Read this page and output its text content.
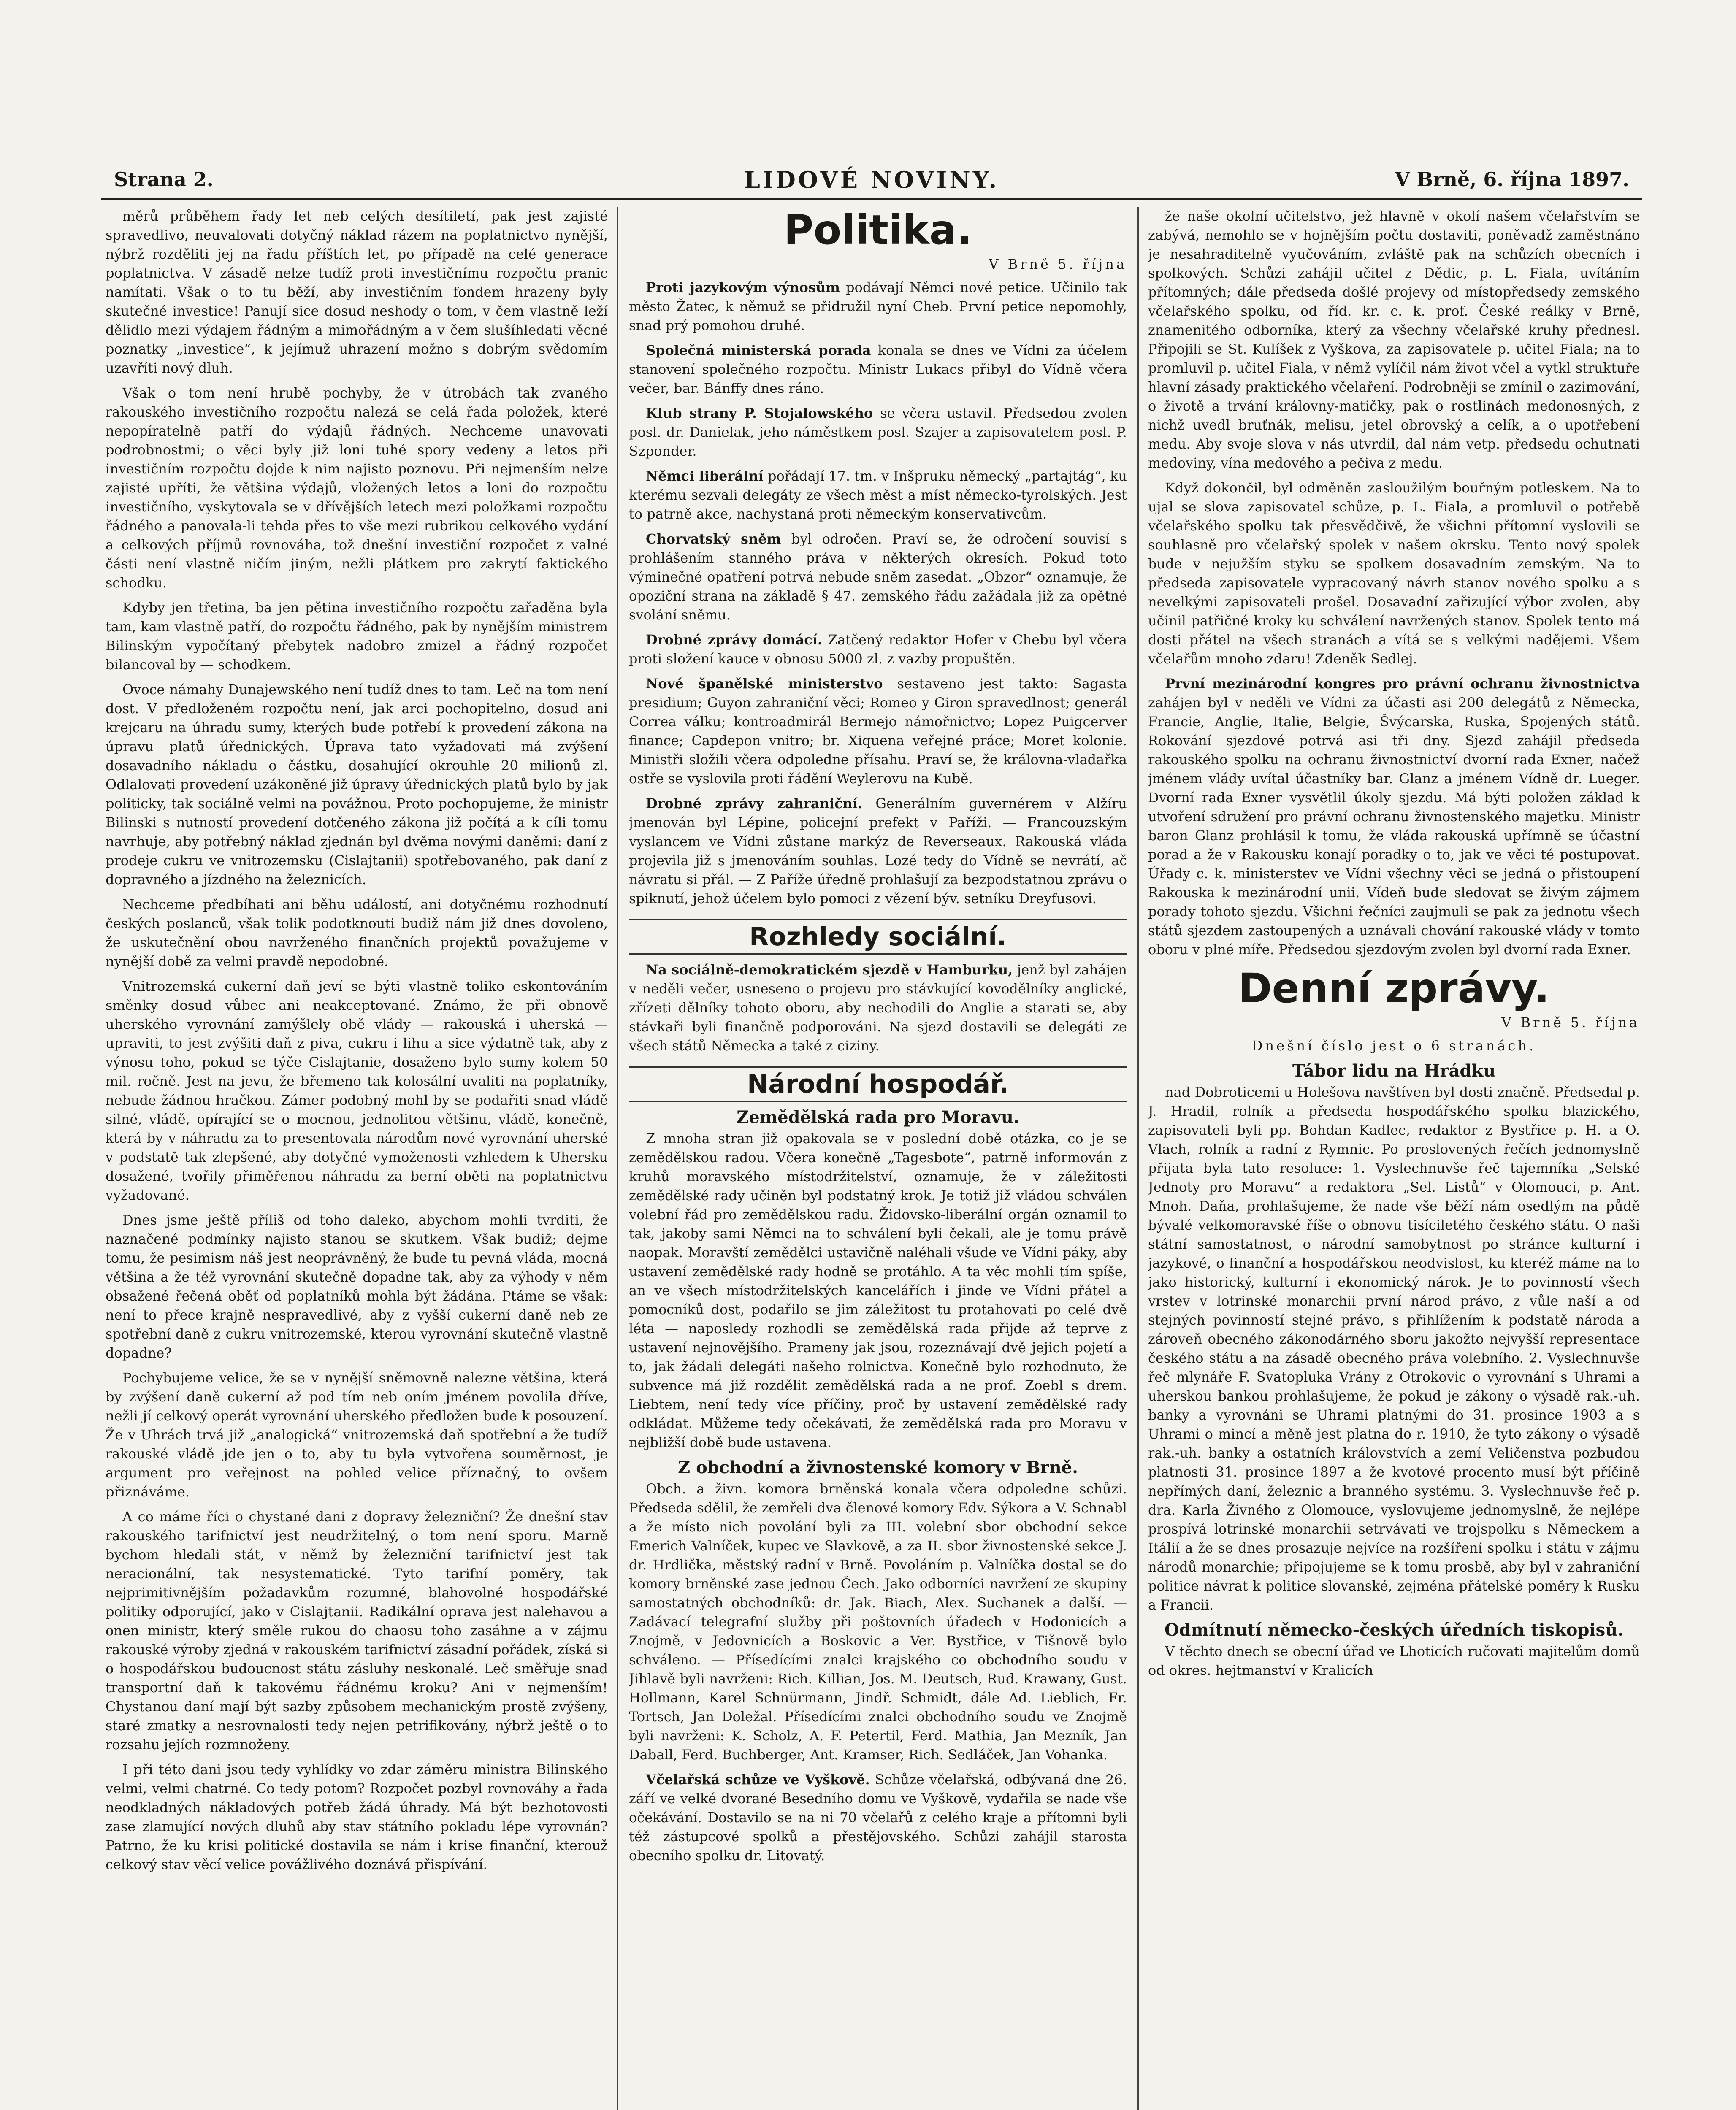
Strana 2.	LIDOVÉ NOVINY.	V Brně, 6. října 1897.

měrů průběhem řady let neb celých desítiletí, pak jest zajisté spravedlivo, neuvalovati dotyčný náklad rázem na poplatnictvo nynější, nýbrž rozděliti jej na řadu příštích let, po případě na celé generace poplatnictva. V zásadě nelze tudíž proti investičnímu rozpočtu pranic namítati. Však o to tu běží, aby investičním fondem hrazeny byly skutečné investice! Panují sice dosud neshody o tom, v čem vlastně leží dělidlo mezi výdajem řádným a mimořádným a v čem slušíhledati věcné poznatky „investice“, k jejímuž uhrazení možno s dobrým svědomím uzavříti nový dluh.

Však o tom není hrubě pochyby, že v útrobách tak zvaného rakouského investičního rozpočtu nalezá se celá řada položek, které nepopíratelně patří do výdajů řádných. Nechceme unavovati podrobnostmi; o věci byly již loni tuhé spory vedeny a letos při investičním rozpočtu dojde k nim najisto poznovu. Při nejmenším nelze zajisté upříti, že většina výdajů, vložených letos a loni do rozpočtu investičního, vyskytovala se v dřívějších letech mezi položkami rozpočtu řádného a panovala-li tehda přes to vše mezi rubrikou celkového vydání a celkových příjmů rovnováha, tož dnešní investiční rozpočet z valné části není vlastně ničím jiným, nežli plátkem pro zakrytí faktického schodku.

Kdyby jen třetina, ba jen pětina investičního rozpočtu zařaděna byla tam, kam vlastně patří, do rozpočtu řádného, pak by nynějším ministrem Bilinským vypočítaný přebytek nadobro zmizel a řádný rozpočet bilancoval by — schodkem.

Ovoce námahy Dunajewského není tudíž dnes to tam. Leč na tom není dost. V předloženém rozpočtu není, jak arci pochopitelno, dosud ani krejcaru na úhradu sumy, kterých bude potřebí k provedení zákona na úpravu platů úřednických. Úprava tato vyžadovati má zvýšení dosavadního nákladu o částku, dosahující okrouhle 20 milionů zl. Odlalovati provedení uzákoněné již úpravy úřednických platů bylo by jak politicky, tak sociálně velmi na povážnou. Proto pochopujeme, že ministr Bilinski s nutností provedení dotčeného zákona již počítá a k cíli tomu navrhuje, aby potřebný náklad zjednán byl dvěma novými daněmi: daní z prodeje cukru ve vnitrozemsku (Cislajtanii) spotřebovaného, pak daní z dopravného a jízdného na železnicích.

Nechceme předbíhati ani běhu událostí, ani dotyčnému rozhodnutí českých poslanců, však tolik podotknouti budiž nám již dnes dovoleno, že uskutečnění obou navrženého finančních projektů považujeme v nynější době za velmi pravdě nepodobné.

Vnitrozemská cukerní daň jeví se býti vlastně toliko eskontováním směnky dosud vůbec ani neakceptované. Známo, že při obnově uherského vyrovnání zamýšlely obě vlády — rakouská i uherská — upraviti, to jest zvýšiti daň z piva, cukru i lihu a sice výdatně tak, aby z výnosu toho, pokud se týče Cislajtanie, dosaženo bylo sumy kolem 50 mil. ročně. Jest na jevu, že břemeno tak kolosální uvaliti na poplatníky, nebude žádnou hračkou. Zámer podobný mohl by se podařiti snad vládě silné, vládě, opírající se o mocnou, jednolitou většinu, vládě, konečně, která by v náhradu za to presentovala národům nové vyrovnání uherské v podstatě tak zlepšené, aby dotyčné vymoženosti vzhledem k Uhersku dosažené, tvořily přiměřenou náhradu za berní oběti na poplatnictvu vyžadované.

Dnes jsme ještě příliš od toho daleko, abychom mohli tvrditi, že naznačené podmínky najisto stanou se skutkem. Však budiž; dejme tomu, že pesimism náš jest neoprávněný, že bude tu pevná vláda, mocná většina a že též vyrovnání skutečně dopadne tak, aby za výhody v něm obsažené řečená oběť od poplatníků mohla být žádána. Ptáme se však: není to přece krajně nespravedlivé, aby z vyšší cukerní daně neb ze spotřební daně z cukru vnitrozemské, kterou vyrovnání skutečně vlastně dopadne?

Pochybujeme velice, že se v nynější sněmovně nalezne většina, která by zvýšení daně cukerní až pod tím neb oním jménem povolila dříve, nežli jí celkový operát vyrovnání uherského předložen bude k posouzení. Že v Uhrách trvá již „analogická“ vnitrozemská daň spotřební a že tudíž rakouské vládě jde jen o to, aby tu byla vytvořena souměrnost, je argument pro veřejnost na pohled velice příznačný, to ovšem přiznáváme.

A co máme říci o chystané dani z dopravy železniční? Že dnešní stav rakouského tarifnictví jest neudržitelný, o tom není sporu. Marně bychom hledali stát, v němž by železniční tarifnictví jest tak neracionální, tak nesystematické. Tyto tarifní poměry, tak nejprimitivnějším požadavkům rozumné, blahovolné hospodářské politiky odporující, jako v Cislajtanii. Radikální oprava jest nalehavou a onen ministr, který směle rukou do chaosu toho zasáhne a v zájmu rakouské výroby zjedná v rakouském tarifnictví zásadní pořádek, získá si o hospodářskou budoucnost státu zásluhy neskonalé. Leč směřuje snad transportní daň k takovému řádnému kroku? Ani v nejmenším! Chystanou daní mají být sazby způsobem mechanickým prostě zvýšeny, staré zmatky a nesrovnalosti tedy nejen petrifikovány, nýbrž ještě o to rozsahu jejích rozmnoženy.

I při této dani jsou tedy vyhlídky vo zdar záměru ministra Bilinského velmi, velmi chatrné. Co tedy potom? Rozpočet pozbyl rovnováhy a řada neodkladných nákladových potřeb žádá úhrady. Má být bezhotovosti zase zlamující nových dluhů aby stav státního pokladu lépe vyrovnán? Patrno, že ku krisi politické dostavila se nám i krise finanční, kterouž celkový stav věcí velice povážlivého doznává přispívání.

Politika.
V Brně 5. října

Proti jazykovým výnosům podávají Němci nové petice. Učinilo tak město Žatec, k němuž se přidružil nyní Cheb. První petice nepomohly, snad prý pomohou druhé.

Společná ministerská porada konala se dnes ve Vídni za účelem stanovení společného rozpočtu. Ministr Lukacs přibyl do Vídně včera večer, bar. Bánffy dnes ráno.

Klub strany P. Stojalowského se včera ustavil. Předsedou zvolen posl. dr. Danielak, jeho náměstkem posl. Szajer a zapisovatelem posl. P. Szponder.

Němci liberální pořádají 17. tm. v Inšpruku německý „partajtág“, ku kterému sezvali delegáty ze všech měst a míst německo-tyrolských. Jest to patrně akce, nachystaná proti německým konservativcům.

Chorvatský sněm byl odročen. Praví se, že odročení souvisí s prohlášením stanného práva v některých okresích. Pokud toto výminečné opatření potrvá nebude sněm zasedat. „Obzor“ oznamuje, že opoziční strana na základě § 47. zemského řádu zažádala již za opětné svolání sněmu.

Drobné zprávy domácí. Zatčený redaktor Hofer v Chebu byl včera proti složení kauce v obnosu 5000 zl. z vazby propuštěn.

Nové španělské ministerstvo sestaveno jest takto: Sagasta presidium; Guyon zahraniční věci; Romeo y Giron spravedlnost; generál Correa válku; kontroadmirál Bermejo námořnictvo; Lopez Puigcerver finance; Capdepon vnitro; br. Xiquena veřejné práce; Moret kolonie. Ministři složili včera odpoledne přísahu. Praví se, že královna-vladařka ostře se vyslovila proti řádění Weylerovu na Kubě.

Drobné zprávy zahraniční. Generálním guvernérem v Alžíru jmenován byl Lépine, policejní prefekt v Paříži. — Francouzským vyslancem ve Vídni zůstane markýz de Reverseaux. Rakouská vláda projevila již s jmenováním souhlas. Lozé tedy do Vídně se nevrátí, ač návratu si přál. — Z Paříže úředně prohlašují za bezpodstatnou zprávu o spiknutí, jehož účelem bylo pomoci z vězení býv. setníku Dreyfusovi.

Rozhledy sociální.

Na sociálně-demokratickém sjezdě v Hamburku, jenž byl zahájen v neděli večer, usneseno o projevu pro stávkující kovodělníky anglické, zřízeti dělníky tohoto oboru, aby nechodili do Anglie a starati se, aby stávkaři byli finančně podporováni. Na sjezd dostavili se delegáti ze všech států Německa a také z ciziny.

Národní hospodář.
Zemědělská rada pro Moravu.

Z mnoha stran již opakovala se v poslední době otázka, co je se zemědělskou radou. Včera konečně „Tagesbote“, patrně informován z kruhů moravského místodržitelství, oznamuje, že v záležitosti zemědělské rady učiněn byl podstatný krok. Je totiž již vládou schválen volební řád pro zemědělskou radu. Židovsko-liberální orgán oznamil to tak, jakoby sami Němci na to schválení byli čekali, ale je tomu právě naopak. Moravští zemědělci ustavičně naléhali všude ve Vídni páky, aby ustavení zemědělské rady hodně se protáhlo. A ta věc mohli tím spíše, an ve všech místodržitelských kancelářích i jinde ve Vídni přátel a pomocníků dost, podařilo se jim záležitost tu protahovati po celé dvě léta — naposledy rozhodli se zemědělská rada přijde až teprve z ustavení nejnovějšího. Prameny jak jsou, rozeznávají dvě jejich pojetí a to, jak žádali delegáti našeho rolnictva. Konečně bylo rozhodnuto, že subvence má již rozdělit zemědělská rada a ne prof. Zoebl s drem. Liebtem, není tedy více příčiny, proč by ustavení zemědělské rady odkládat. Můžeme tedy očekávati, že zemědělská rada pro Moravu v nejbližší době bude ustavena.

Z obchodní a živnostenské komory v Brně.

Obch. a živn. komora brněnská konala včera odpoledne schůzi. Předseda sdělil, že zemřeli dva členové komory Edv. Sýkora a V. Schnabl a že místo nich povolání byli za III. volební sbor obchodní sekce Emerich Valníček, kupec ve Slavkově, a za II. sbor živnostenské sekce J. dr. Hrdlička, městský radní v Brně. Povoláním p. Valníčka dostal se do komory brněnské zase jednou Čech. Jako odborníci navržení ze skupiny samostatných obchodníků: dr. Jak. Biach, Alex. Suchanek a další. — Zadávací telegrafní služby při poštovních úřadech v Hodonicích a Znojmě, v Jedovnicích a Boskovic a Ver. Bystřice, v Tišnově bylo schváleno. — Přísedícími znalci krajského co obchodního soudu v Jihlavě byli navrženi: Rich. Killian, Jos. M. Deutsch, Rud. Krawany, Gust. Hollmann, Karel Schnürmann, Jindř. Schmidt, dále Ad. Lieblich, Fr. Tortsch, Jan Doležal. Přísedícími znalci obchodního soudu ve Znojmě byli navrženi: K. Scholz, A. F. Petertil, Ferd. Mathia, Jan Mezník, Jan Daball, Ferd. Buchberger, Ant. Kramser, Rich. Sedláček, Jan Vohanka.

Včelařská schůze ve Vyškově. Schůze včelařská, odbývaná dne 26. září ve velké dvorané Besedního domu ve Vyškově, vydařila se nade vše očekávání. Dostavilo se na ni 70 včelařů z celého kraje a přítomni byli též zástupcové spolků a přestějovského. Schůzi zahájil starosta obecního spolku dr. Litovatý.

že naše okolní učitelstvo, jež hlavně v okolí našem včelařstvím se zabývá, nemohlo se v hojnějším počtu dostaviti, poněvadž zaměstnáno je nesahraditelně vyučováním, zvláště pak na schůzích obecních i spolkových. Schůzi zahájil učitel z Dědic, p. L. Fiala, uvítáním přítomných; dále předseda došlé projevy od místopředsedy zemského včelařského spolku, od říd. kr. c. k. prof. České reálky v Brně, znamenitého odborníka, který za všechny včelařské kruhy přednesl. Připojili se St. Kulíšek z Vyškova, za zapisovatele p. učitel Fiala; na to promluvil p. učitel Fiala, v němž vylíčil nám život včel a vytkl struktuře hlavní zásady praktického včelaření. Podrobněji se zmínil o zazimování, o životě a trvání královny-matičky, pak o rostlinách medonosných, z nichž uvedl bruťnák, melisu, jetel obrovský a celík, a o upotřebení medu. Aby svoje slova v nás utvrdil, dal nám vetp. předsedu ochutnati medoviny, vína medového a pečiva z medu.

Když dokončil, byl odměněn zasloužilým bouřným potleskem. Na to ujal se slova zapisovatel schůze, p. L. Fiala, a promluvil o potřebě včelařského spolku tak přesvědčivě, že všichni přítomní vyslovili se souhlasně pro včelařský spolek v našem okrsku. Tento nový spolek bude v nejužším styku se spolkem dosavadním zemským. Na to předseda zapisovatele vypracovaný návrh stanov nového spolku a s nevelkými zapisovateli prošel. Dosavadní zařizující výbor zvolen, aby učinil patřičné kroky ku schválení navržených stanov. Spolek tento má dosti přátel na všech stranách a vítá se s velkými nadějemi. Všem včelařům mnoho zdaru! Zdeněk Sedlej.

První mezinárodní kongres pro právní ochranu živnostnictva zahájen byl v neděli ve Vídni za účasti asi 200 delegátů z Německa, Francie, Anglie, Italie, Belgie, Švýcarska, Ruska, Spojených států. Rokování sjezdové potrvá asi tři dny. Sjezd zahájil předseda rakouského spolku na ochranu živnostnictví dvorní rada Exner, načež jménem vlády uvítal účastníky bar. Glanz a jménem Vídně dr. Lueger. Dvorní rada Exner vysvětlil úkoly sjezdu. Má býti položen základ k utvoření sdružení pro právní ochranu živnostenského majetku. Ministr baron Glanz prohlásil k tomu, že vláda rakouská upřímně se účastní porad a že v Rakousku konají poradky o to, jak ve věci té postupovat. Úřady c. k. ministerstev ve Vídni všechny věci se jedná o přistoupení Rakouska k mezinárodní unii. Vídeň bude sledovat se živým zájmem porady tohoto sjezdu. Všichni řečníci zaujmuli se pak za jednotu všech států sjezdem zastoupených a uznávali chování rakouské vlády v tomto oboru v plné míře. Předsedou sjezdovým zvolen byl dvorní rada Exner.

Denní zprávy.
V Brně 5. října
Dnešní číslo jest o 6 stranách.
Tábor lidu na Hrádku

nad Dobroticemi u Holešova navštíven byl dosti značně. Předsedal p. J. Hradil, rolník a předseda hospodářského spolku blazického, zapisovateli byli pp. Bohdan Kadlec, redaktor z Bystřice p. H. a O. Vlach, rolník a radní z Rymnic. Po proslovených řečích jednomyslně přijata byla tato resoluce: 1. Vyslechnuvše řeč tajemníka „Selské Jednoty pro Moravu“ a redaktora „Sel. Listů“ v Olomouci, p. Ant. Mnoh. Daňa, prohlašujeme, že nade vše běží nám osedlým na půdě bývalé velkomoravské říše o obnovu tisíciletého českého státu. O naši státní samostatnost, o národní samobytnost po stránce kulturní i jazykové, o finanční a hospodářskou neodvislost, ku kteréž máme na to jako historický, kulturní i ekonomický nárok. Je to povinností všech vrstev v lotrinské monarchii první národ právo, z vůle naší a od stejných povinností stejné právo, s přihlížením k podstatě národa a zároveň obecného zákonodárného sboru jakožto nejvyšší representace českého státu a na zásadě obecného práva volebního. 2. Vyslechnuvše řeč mlynáře F. Svatopluka Vrány z Otrokovic o vyrovnání s Uhrami a uherskou bankou prohlašujeme, že pokud je zákony o výsadě rak.-uh. banky a vyrovnáni se Uhrami platnými do 31. prosince 1903 a s Uhrami o mincí a měně jest platna do r. 1910, že tyto zákony o výsadě rak.-uh. banky a ostatních královstvích a zemí Veličenstva pozbudou platnosti 31. prosince 1897 a že kvotové procento musí být příčině nepřímých daní, železnic a branného systému. 3. Vyslechnuvše řeč p. dra. Karla Živného z Olomouce, vyslovujeme jednomyslně, že nejlépe prospívá lotrinské monarchii setrvávati ve trojspolku s Německem a Itálií a že se dnes prosazuje nejvíce na rozšíření spolku i státu v zájmu národů monarchie; připojujeme se k tomu prosbě, aby byl v zahraniční politice návrat k politice slovanské, zejména přátelské poměry k Rusku a Francii.

Odmítnutí německo-českých úředních tiskopisů.

V těchto dnech se obecní úřad ve Lhoticích ručovati majitelům domů od okres. hejtmanství v Kralicích
